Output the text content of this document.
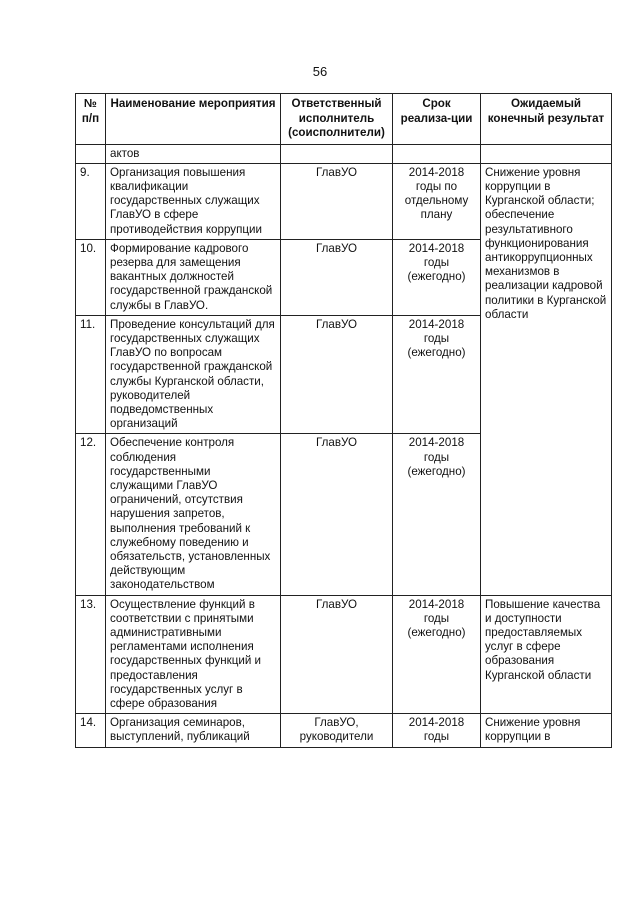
56
№ п/п	Наименование мероприятия	Ответственный исполнитель (соисполнители)	Срок реализа-ции	Ожидаемый конечный результат
	актов			
9.	Организация повышения квалификации государственных служащих ГлавУО в сфере противодействия коррупции	ГлавУО	2014-2018 годы по отдельному плану	Снижение уровня коррупции в Курганской области; обеспечение результативного функционирования антикоррупционных механизмов в реализации кадровой политики в Курганской области
10.	Формирование кадрового резерва для замещения вакантных должностей государственной гражданской службы в ГлавУО.	ГлавУО	2014-2018 годы (ежегодно)	
11.	Проведение консультаций для государственных служащих ГлавУО по вопросам государственной гражданской службы Курганской области, руководителей подведомственных организаций	ГлавУО	2014-2018 годы (ежегодно)	
12.	Обеспечение контроля соблюдения государственными служащими ГлавУО ограничений, отсутствия нарушения запретов, выполнения требований к служебному поведению и обязательств, установленных действующим законодательством	ГлавУО	2014-2018 годы (ежегодно)	
13.	Осуществление функций в соответствии с принятыми административными регламентами исполнения государственных функций и предоставления государственных услуг в сфере образования	ГлавУО	2014-2018 годы (ежегодно)	Повышение качества и доступности предоставляемых услуг в сфере образования Курганской области
14.	Организация семинаров, выступлений, публикаций	ГлавУО, руководители	2014-2018 годы	Снижение уровня коррупции в
